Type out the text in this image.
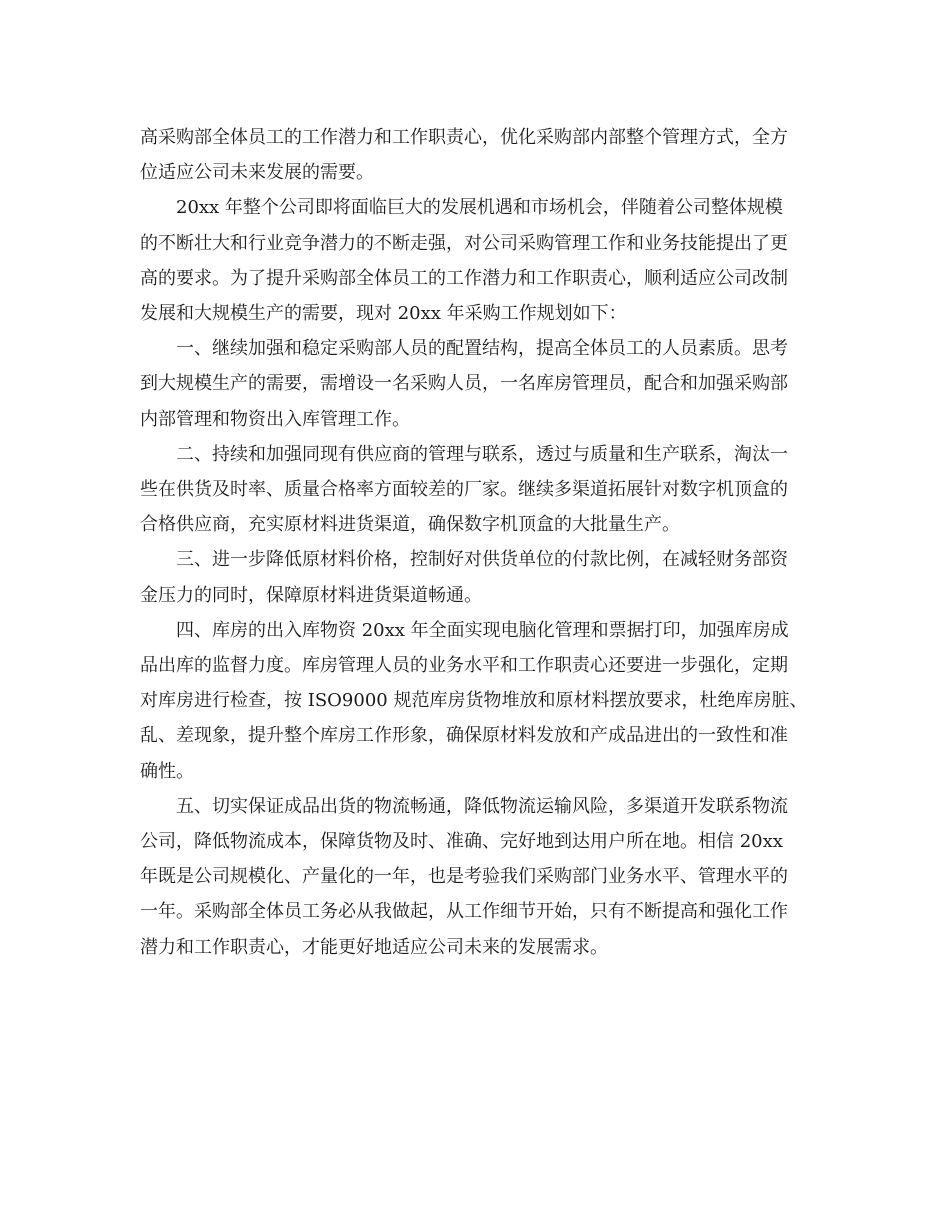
高采购部全体员工的工作潜力和工作职责心，优化采购部内部整个管理方式，全方
位适应公司未来发展的需要。

20xx 年整个公司即将面临巨大的发展机遇和市场机会，伴随着公司整体规模
的不断壮大和行业竞争潜力的不断走强，对公司采购管理工作和业务技能提出了更
高的要求。为了提升采购部全体员工的工作潜力和工作职责心，顺利适应公司改制
发展和大规模生产的需要，现对 20xx 年采购工作规划如下：

一、继续加强和稳定采购部人员的配置结构，提高全体员工的人员素质。思考
到大规模生产的需要，需增设一名采购人员，一名库房管理员，配合和加强采购部
内部管理和物资出入库管理工作。

二、持续和加强同现有供应商的管理与联系，透过与质量和生产联系，淘汰一
些在供货及时率、质量合格率方面较差的厂家。继续多渠道拓展针对数字机顶盒的
合格供应商，充实原材料进货渠道，确保数字机顶盒的大批量生产。

三、进一步降低原材料价格，控制好对供货单位的付款比例，在减轻财务部资
金压力的同时，保障原材料进货渠道畅通。

四、库房的出入库物资 20xx 年全面实现电脑化管理和票据打印，加强库房成
品出库的监督力度。库房管理人员的业务水平和工作职责心还要进一步强化，定期
对库房进行检查，按 ISO9000 规范库房货物堆放和原材料摆放要求，杜绝库房脏、
乱、差现象，提升整个库房工作形象，确保原材料发放和产成品进出的一致性和准
确性。

五、切实保证成品出货的物流畅通，降低物流运输风险，多渠道开发联系物流
公司，降低物流成本，保障货物及时、准确、完好地到达用户所在地。相信 20xx
年既是公司规模化、产量化的一年，也是考验我们采购部门业务水平、管理水平的
一年。采购部全体员工务必从我做起，从工作细节开始，只有不断提高和强化工作
潜力和工作职责心，才能更好地适应公司未来的发展需求。
